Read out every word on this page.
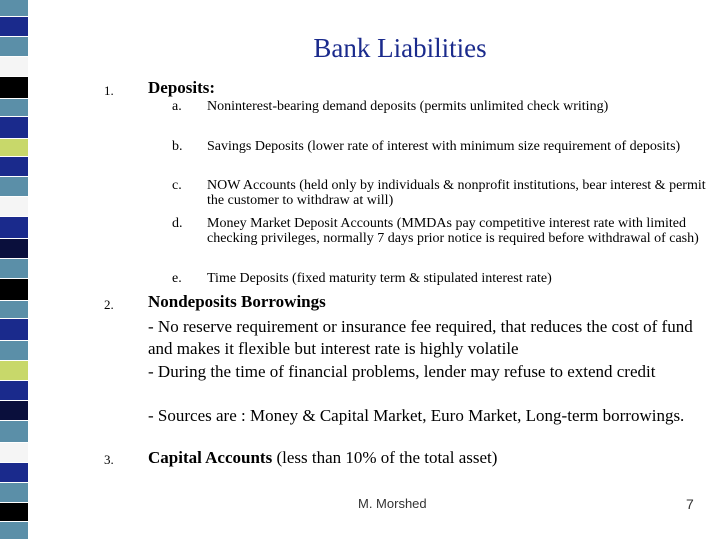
Bank Liabilities
1. Deposits:
a. Noninterest-bearing demand deposits (permits unlimited check writing)
b. Savings Deposits (lower rate of interest with minimum size requirement of deposits)
c. NOW Accounts (held only by individuals & nonprofit institutions, bear interest & permit the customer to withdraw at will)
d. Money Market Deposit Accounts (MMDAs pay competitive interest rate with limited checking privileges, normally 7 days prior notice is required before withdrawal of cash)
e. Time Deposits (fixed maturity term & stipulated interest rate)
2. Nondeposits Borrowings
- No reserve requirement or insurance fee required, that reduces the cost of fund and makes it flexible but interest rate is highly volatile
- During the time of financial problems, lender may refuse to extend credit
- Sources are : Money & Capital Market, Euro Market, Long-term borrowings.
3. Capital Accounts (less than 10% of the total asset)
M. Morshed	7
